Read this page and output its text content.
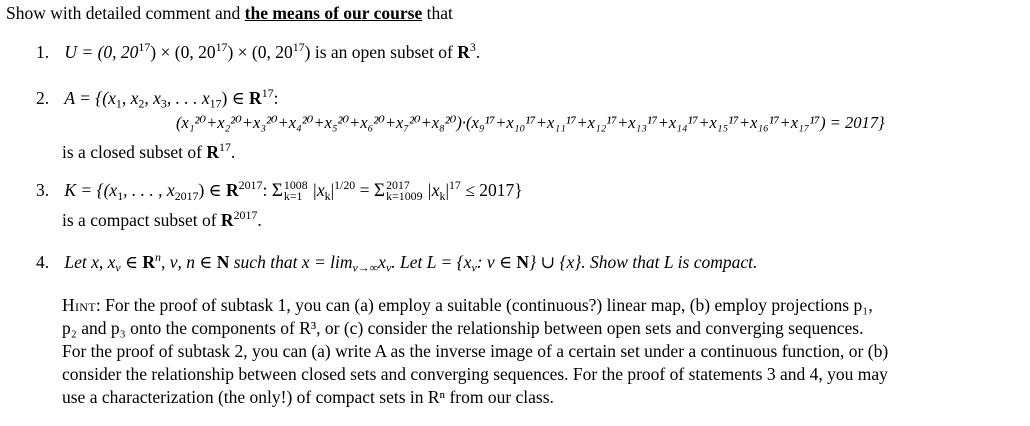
Show with detailed comment and the means of our course that
1. U = (0, $20^{17}) \times (0$, $20^{17}) \times (0$, $20^{17}$) is an open subset of $R^3$.
2. $A = \{(x_1$, $x_2$, $x_3$, . . . $x_{17}$) ∈ $R^{17}$:
(x₁²⁰+x₂²⁰+x₃²⁰+x₄²⁰+x₅²⁰+x₆²⁰+x₇²⁰+x₈²⁰)·(x₉¹⁷+x₁₀¹⁷+x₁₁¹⁷+x₁₂¹⁷+x₁₃¹⁷+x₁₄¹⁷+x₁₅¹⁷+x₁₆¹⁷+x₁₇¹⁷) = 2017}
is a closed subset of $R^{17}$.
3. $K = \{(x_1$, . . . , $x_{2017}$) ∈ $R^{2017}$: Σ 1008
k=1 $|x_k|^{1/20} = \Sigma$ 2017
k=1009 $|x_k|^{17} \le 2017$}
is a compact subset of $R^{2017}$.
4. Let x, $x_\nu$ ∈ $R^n$, ν, n ∈ N such that $x = \lim_{\nu\to\infty}x_\nu$. Let $L = \{x_\nu$: ν ∈ N} ∪ {x}. Show that L is compact.
Hint: For the proof of subtask 1, you can (a) employ a suitable (continuous?) linear map, (b) employ projections p₁,
p₂ and p₃ onto the components of R³, or (c) consider the relationship between open sets and converging sequences.
For the proof of subtask 2, you can (a) write A as the inverse image of a certain set under a continuous function, or (b)
consider the relationship between closed sets and converging sequences. For the proof of statements 3 and 4, you may
use a characterization (the only!) of compact sets in Rⁿ from our class.
